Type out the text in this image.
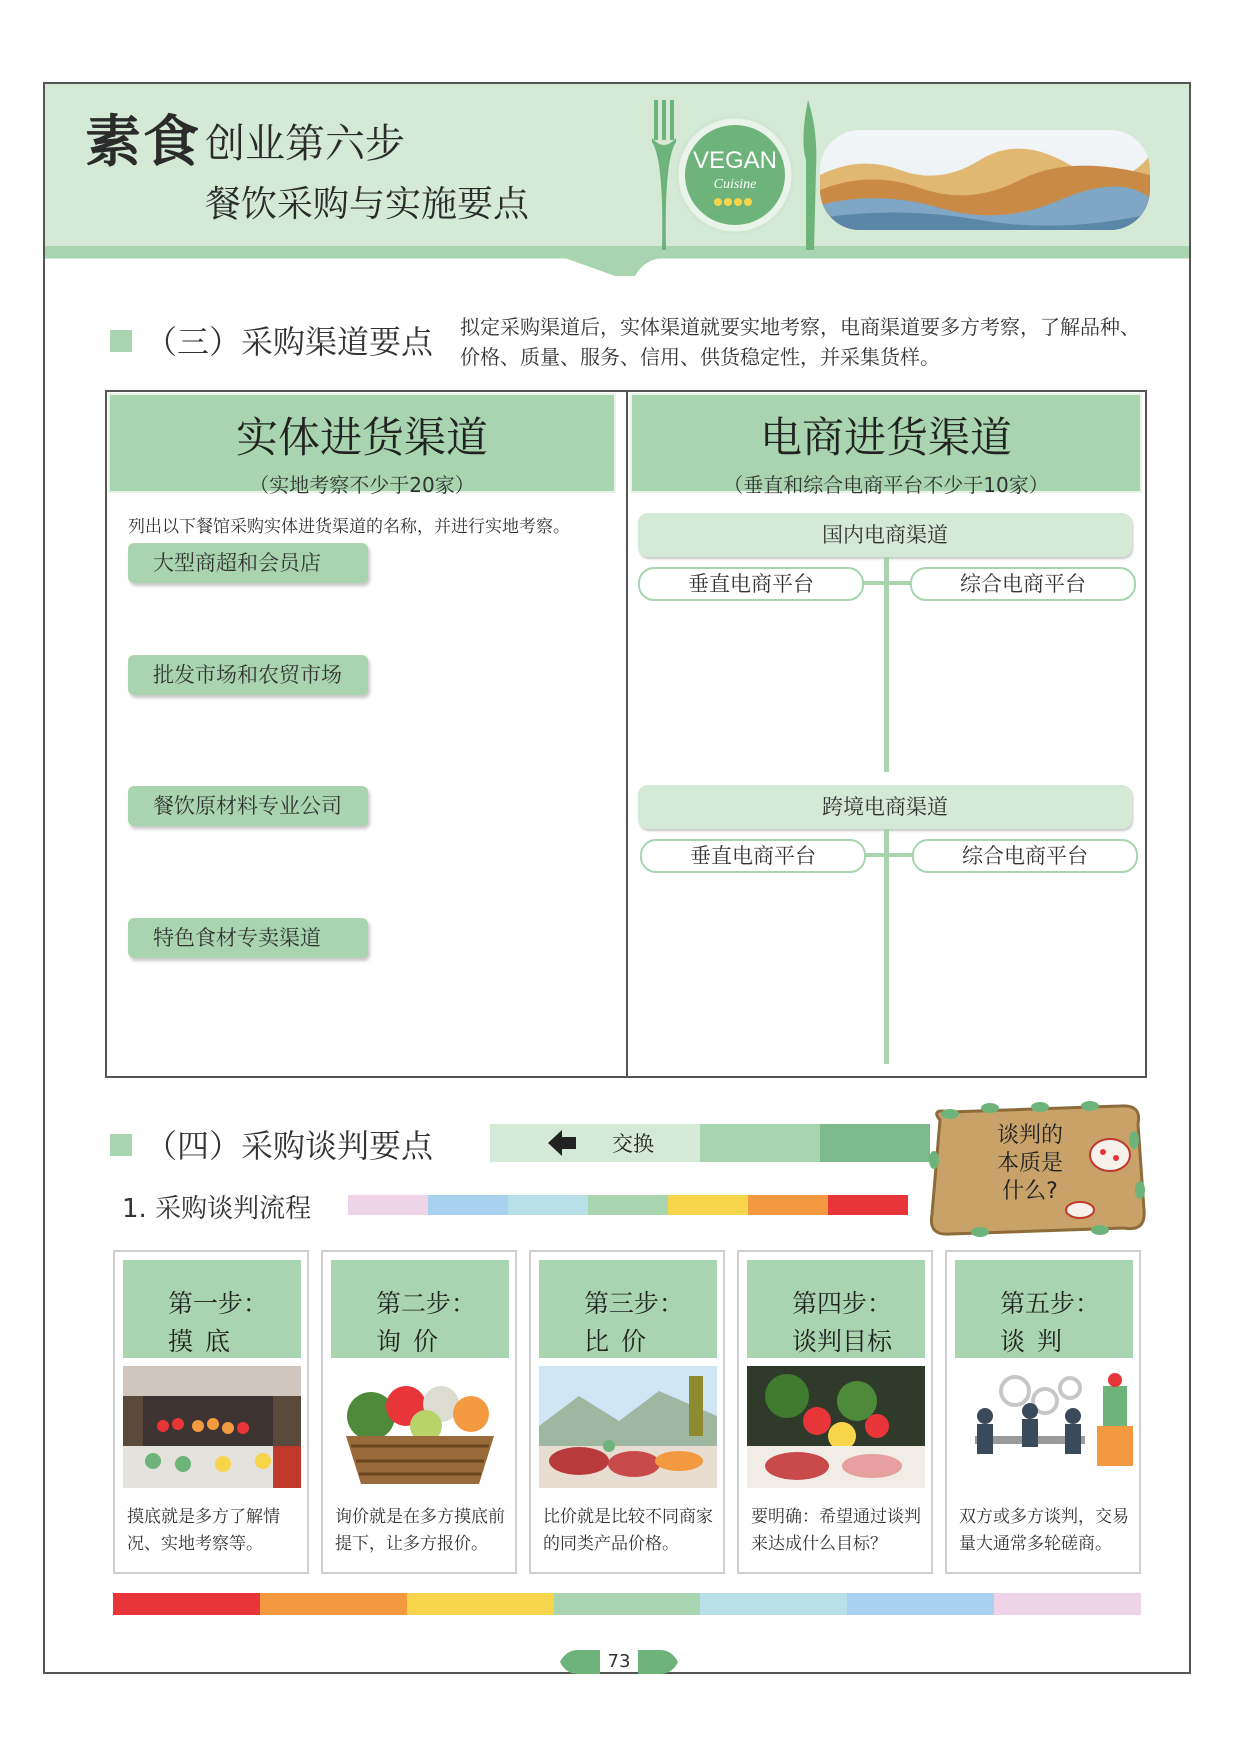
素食 创业第六步
餐饮采购与实施要点
VEGAN
Cuisine
（三）采购渠道要点 拟定采购渠道后，实体渠道就要实地考察，电商渠道要多方考察，了解品种、价格、质量、服务、信用、供货稳定性，并采集货样。
实体进货渠道
（实地考察不少于20家）
电商进货渠道
（垂直和综合电商平台不少于10家）
列出以下餐馆采购实体进货渠道的名称，并进行实地考察。
大型商超和会员店
批发市场和农贸市场
餐饮原材料专业公司
特色食材专卖渠道
国内电商渠道
垂直电商平台	综合电商平台
跨境电商渠道
垂直电商平台	综合电商平台
（四）采购谈判要点	交换
1. 采购谈判流程
谈判的
本质是
什么?
第一步：
摸 底
摸底就是多方了解情况、实地考察等。
第二步：
询 价
询价就是在多方摸底前提下，让多方报价。
第三步：
比 价
比价就是比较不同商家的同类产品价格。
第四步：
谈判目标
要明确：希望通过谈判来达成什么目标？
第五步：
谈 判
双方或多方谈判，交易量大通常多轮磋商。
73
